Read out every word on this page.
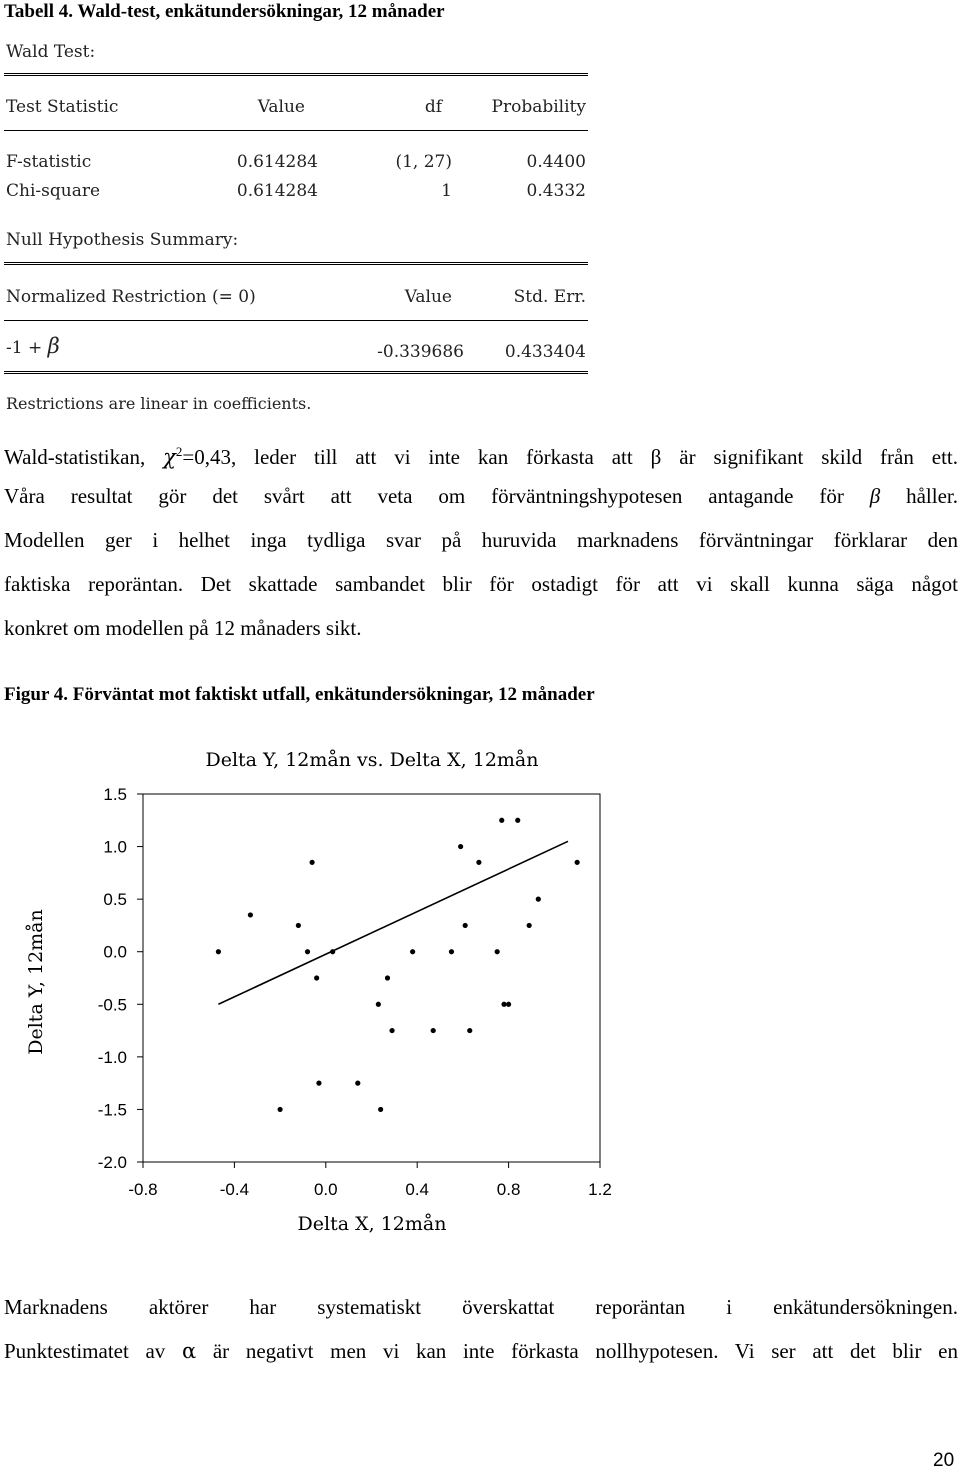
Tabell 4. Wald-test, enkätundersökningar, 12 månader
Wald Test:
Test Statistic	Value	df	Probability
F-statistic	0.614284	(1, 27)	0.4400
Chi-square	0.614284	1	0.4332
Null Hypothesis Summary:
Normalized Restriction (= 0)	Value	Std. Err.
-1 + β	-0.339686	0.433404
Restrictions are linear in coefficients.
Wald-statistikan, $\chi^2=0,43$, leder till att vi inte kan förkasta att β är signifikant skild från ett.
Våra resultat gör det svårt att veta om förväntningshypotesen antagande för β håller.
Modellen ger i helhet inga tydliga svar på huruvida marknadens förväntningar förklarar den
faktiska reporäntan. Det skattade sambandet blir för ostadigt för att vi skall kunna säga något
konkret om modellen på 12 månaders sikt.
Figur 4. Förväntat mot faktiskt utfall, enkätundersökningar, 12 månader
Delta Y, 12mån vs. Delta X, 12mån
Delta X, 12mån
Delta Y, 12mån
1.5
1.0
0.5
0.0
-0.5
-1.0
-1.5
-2.0
-0.8	-0.4	0.0	0.4	0.8	1.2
Marknadens aktörer har systematiskt överskattat reporäntan i enkätundersökningen.
Punktestimatet av α är negativt men vi kan inte förkasta nollhypotesen. Vi ser att det blir en
20
